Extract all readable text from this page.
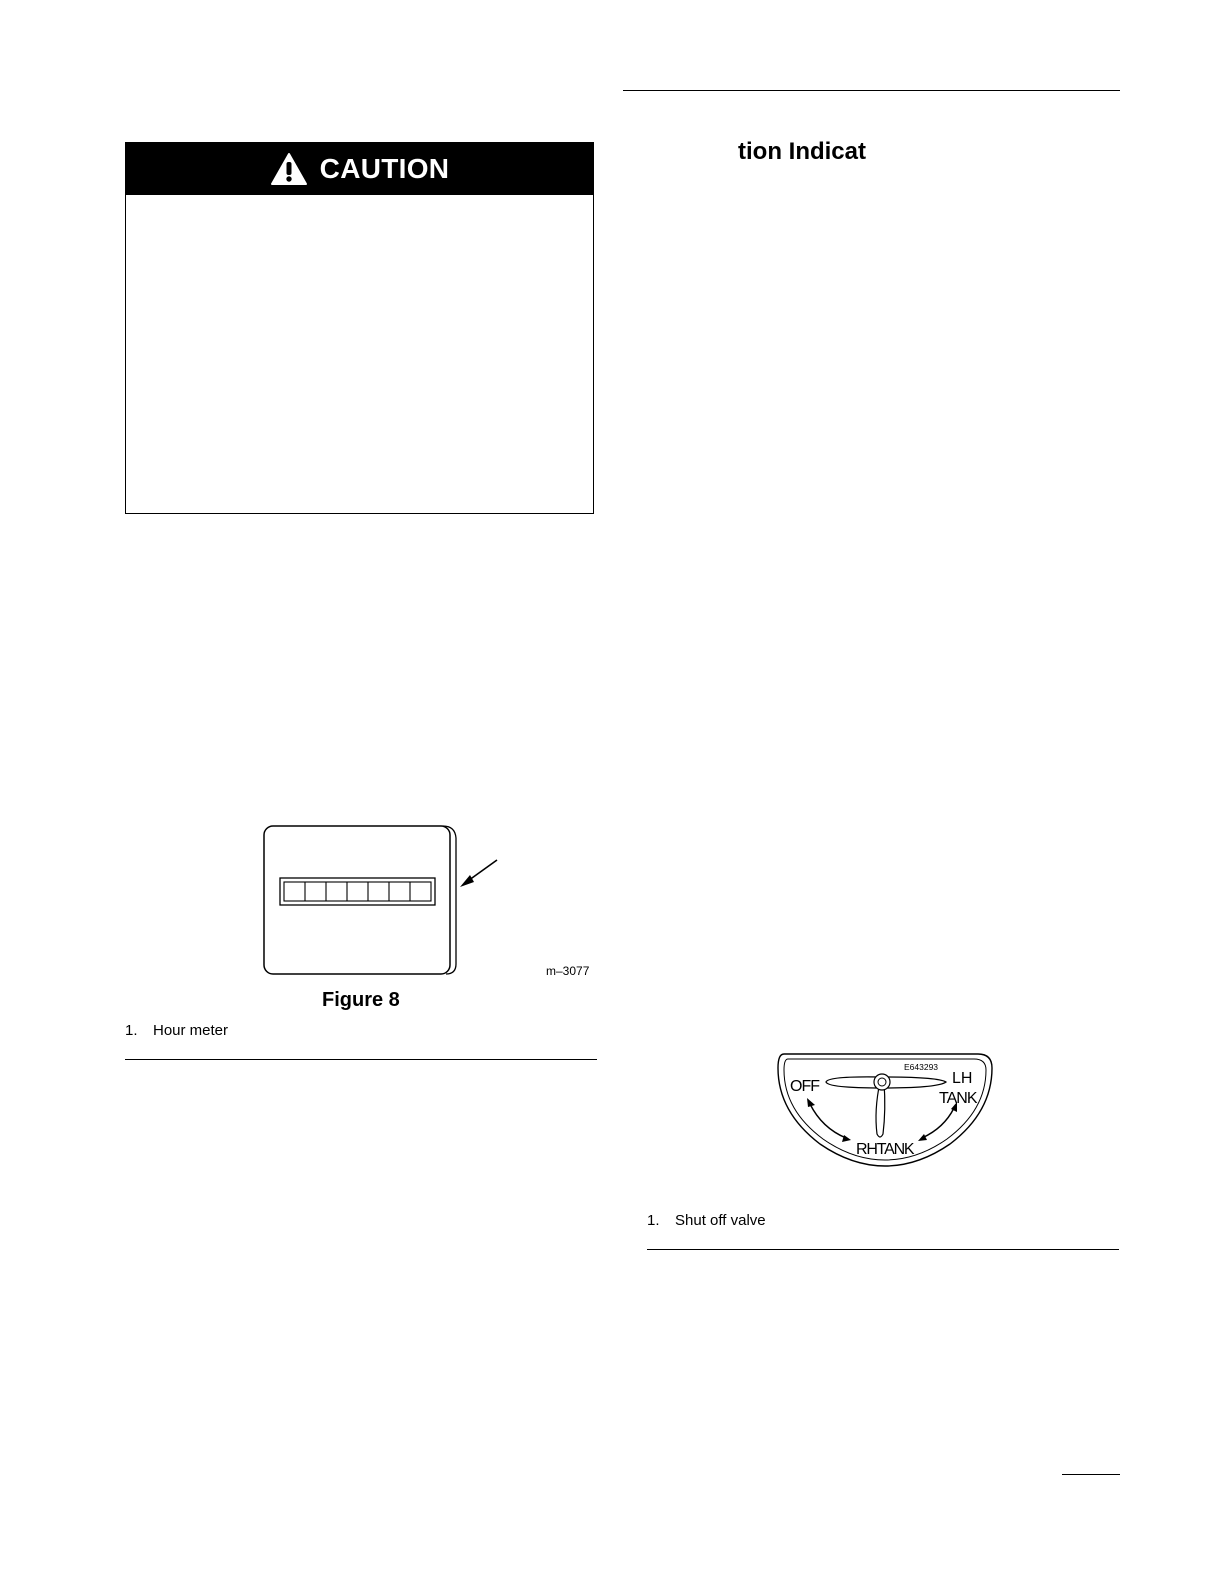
CAUTION
tion Indicat
m–3077
Figure 8
1.	Hour meter
E643293
OFF	LH
TANK
RHTANK
1.	Shut off valve
